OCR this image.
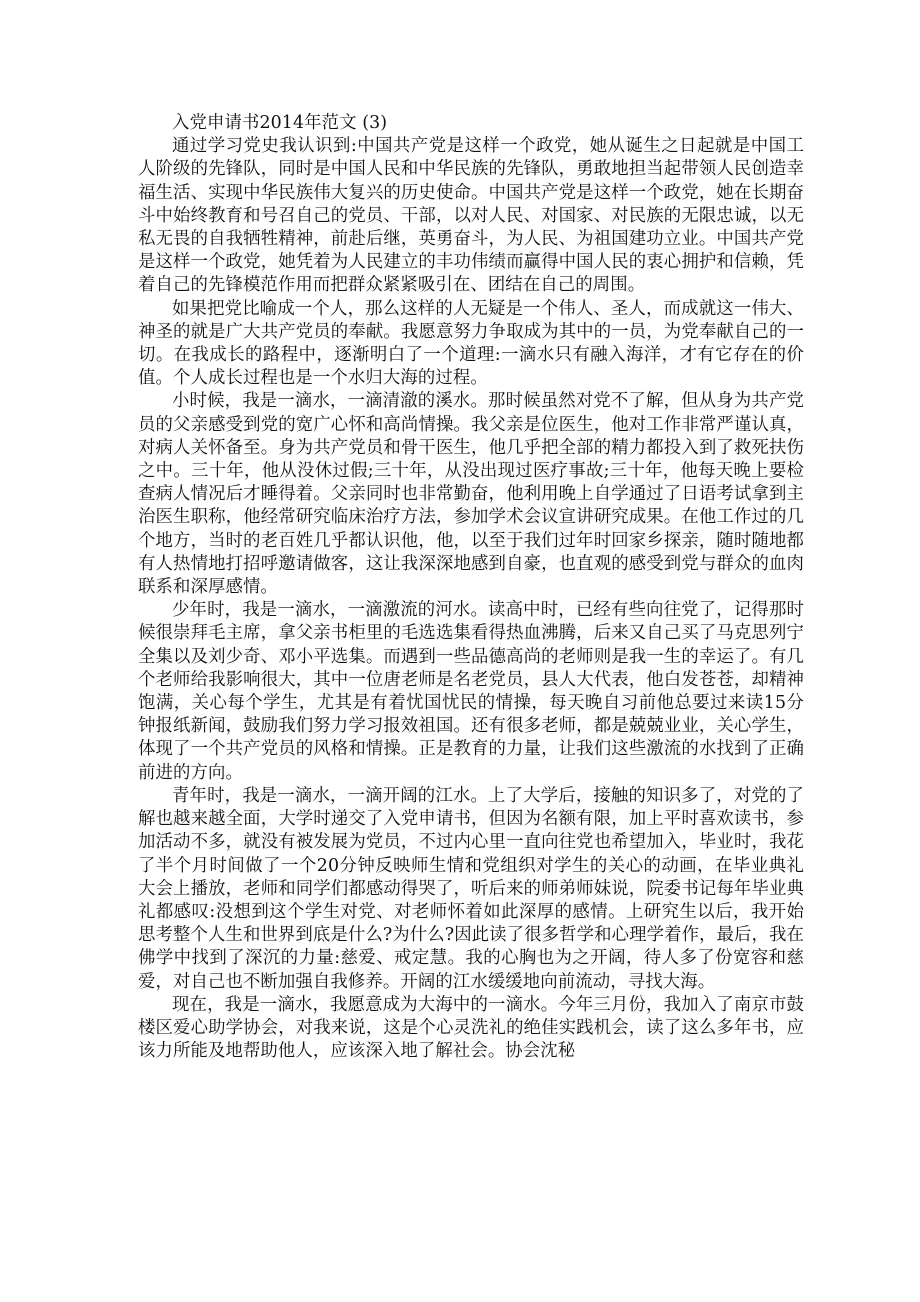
入党申请书2014年范文 (3)

通过学习党史我认识到:中国共产党是这样一个政党，她从诞生之日起就是中国工人阶级的先锋队，同时是中国人民和中华民族的先锋队，勇敢地担当起带领人民创造幸福生活、实现中华民族伟大复兴的历史使命。中国共产党是这样一个政党，她在长期奋斗中始终教育和号召自己的党员、干部，以对人民、对国家、对民族的无限忠诚，以无私无畏的自我牺牲精神，前赴后继，英勇奋斗，为人民、为祖国建功立业。中国共产党是这样一个政党，她凭着为人民建立的丰功伟绩而赢得中国人民的衷心拥护和信赖，凭着自己的先锋模范作用而把群众紧紧吸引在、团结在自己的周围。

如果把党比喻成一个人，那么这样的人无疑是一个伟人、圣人，而成就这一伟大、神圣的就是广大共产党员的奉献。我愿意努力争取成为其中的一员，为党奉献自己的一切。在我成长的路程中，逐渐明白了一个道理:一滴水只有融入海洋，才有它存在的价值。个人成长过程也是一个水归大海的过程。

小时候，我是一滴水，一滴清澈的溪水。那时候虽然对党不了解，但从身为共产党员的父亲感受到党的宽广心怀和高尚情操。我父亲是位医生，他对工作非常严谨认真，对病人关怀备至。身为共产党员和骨干医生，他几乎把全部的精力都投入到了救死扶伤之中。三十年，他从没休过假;三十年，从没出现过医疗事故;三十年，他每天晚上要检查病人情况后才睡得着。父亲同时也非常勤奋，他利用晚上自学通过了日语考试拿到主治医生职称，他经常研究临床治疗方法，参加学术会议宣讲研究成果。在他工作过的几个地方，当时的老百姓几乎都认识他，他，以至于我们过年时回家乡探亲，随时随地都有人热情地打招呼邀请做客，这让我深深地感到自豪，也直观的感受到党与群众的血肉联系和深厚感情。

少年时，我是一滴水，一滴激流的河水。读高中时，已经有些向往党了，记得那时候很崇拜毛主席，拿父亲书柜里的毛选选集看得热血沸腾，后来又自己买了马克思列宁全集以及刘少奇、邓小平选集。而遇到一些品德高尚的老师则是我一生的幸运了。有几个老师给我影响很大，其中一位唐老师是名老党员，县人大代表，他白发苍苍，却精神饱满，关心每个学生，尤其是有着忧国忧民的情操，每天晚自习前他总要过来读15分钟报纸新闻，鼓励我们努力学习报效祖国。还有很多老师，都是兢兢业业，关心学生，体现了一个共产党员的风格和情操。正是教育的力量，让我们这些激流的水找到了正确前进的方向。

青年时，我是一滴水，一滴开阔的江水。上了大学后，接触的知识多了，对党的了解也越来越全面，大学时递交了入党申请书，但因为名额有限，加上平时喜欢读书，参加活动不多，就没有被发展为党员，不过内心里一直向往党也希望加入，毕业时，我花了半个月时间做了一个20分钟反映师生情和党组织对学生的关心的动画，在毕业典礼大会上播放，老师和同学们都感动得哭了，听后来的师弟师妹说，院委书记每年毕业典礼都感叹:没想到这个学生对党、对老师怀着如此深厚的感情。上研究生以后，我开始思考整个人生和世界到底是什么?为什么?因此读了很多哲学和心理学着作，最后，我在佛学中找到了深沉的力量:慈爱、戒定慧。我的心胸也为之开阔，待人多了份宽容和慈爱，对自己也不断加强自我修养。开阔的江水缓缓地向前流动，寻找大海。

现在，我是一滴水，我愿意成为大海中的一滴水。今年三月份，我加入了南京市鼓楼区爱心助学协会，对我来说，这是个心灵洗礼的绝佳实践机会，读了这么多年书，应该力所能及地帮助他人，应该深入地了解社会。协会沈秘
